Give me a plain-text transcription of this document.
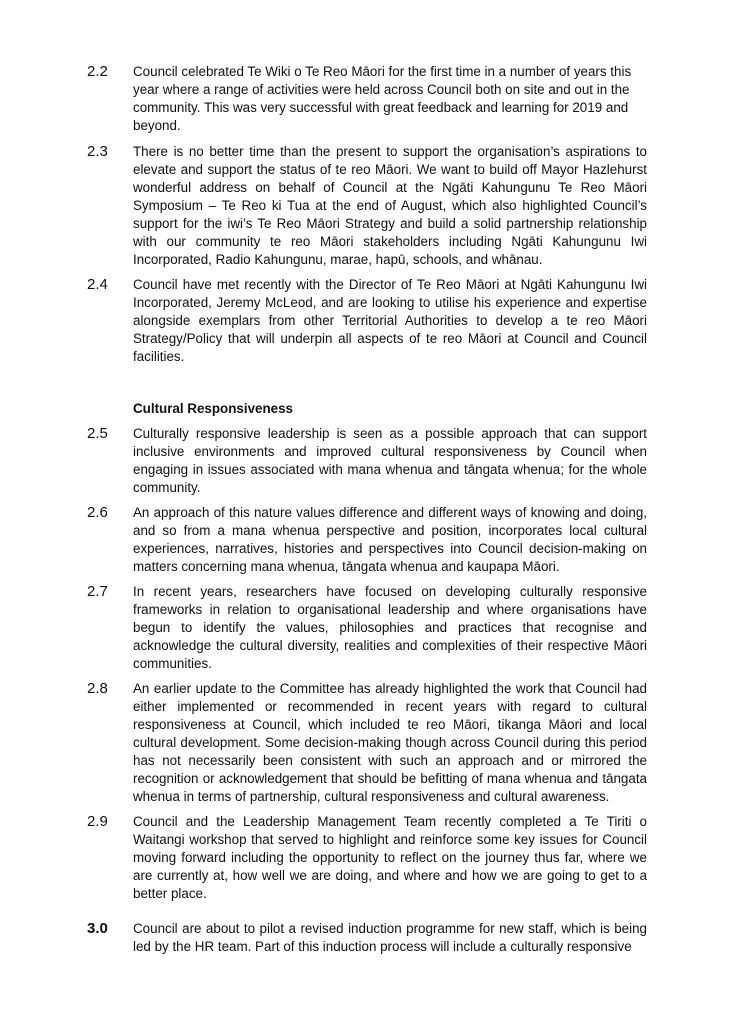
2.2 Council celebrated Te Wiki o Te Reo Māori for the first time in a number of years this year where a range of activities were held across Council both on site and out in the community. This was very successful with great feedback and learning for 2019 and beyond.
2.3 There is no better time than the present to support the organisation’s aspirations to elevate and support the status of te reo Māori. We want to build off Mayor Hazlehurst wonderful address on behalf of Council at the Ngāti Kahungunu Te Reo Māori Symposium – Te Reo ki Tua at the end of August, which also highlighted Council’s support for the iwi’s Te Reo Māori Strategy and build a solid partnership relationship with our community te reo Māori stakeholders including Ngāti Kahungunu Iwi Incorporated, Radio Kahungunu, marae, hapū, schools, and whānau.
2.4 Council have met recently with the Director of Te Reo Māori at Ngāti Kahungunu Iwi Incorporated, Jeremy McLeod, and are looking to utilise his experience and expertise alongside exemplars from other Territorial Authorities to develop a te reo Māori Strategy/Policy that will underpin all aspects of te reo Māori at Council and Council facilities.
Cultural Responsiveness
2.5 Culturally responsive leadership is seen as a possible approach that can support inclusive environments and improved cultural responsiveness by Council when engaging in issues associated with mana whenua and tāngata whenua; for the whole community.
2.6 An approach of this nature values difference and different ways of knowing and doing, and so from a mana whenua perspective and position, incorporates local cultural experiences, narratives, histories and perspectives into Council decision-making on matters concerning mana whenua, tāngata whenua and kaupapa Māori.
2.7 In recent years, researchers have focused on developing culturally responsive frameworks in relation to organisational leadership and where organisations have begun to identify the values, philosophies and practices that recognise and acknowledge the cultural diversity, realities and complexities of their respective Māori communities.
2.8 An earlier update to the Committee has already highlighted the work that Council had either implemented or recommended in recent years with regard to cultural responsiveness at Council, which included te reo Māori, tikanga Māori and local cultural development. Some decision-making though across Council during this period has not necessarily been consistent with such an approach and or mirrored the recognition or acknowledgement that should be befitting of mana whenua and tāngata whenua in terms of partnership, cultural responsiveness and cultural awareness.
2.9 Council and the Leadership Management Team recently completed a Te Tiriti o Waitangi workshop that served to highlight and reinforce some key issues for Council moving forward including the opportunity to reflect on the journey thus far, where we are currently at, how well we are doing, and where and how we are going to get to a better place.
3.0 Council are about to pilot a revised induction programme for new staff, which is being led by the HR team. Part of this induction process will include a culturally responsive
